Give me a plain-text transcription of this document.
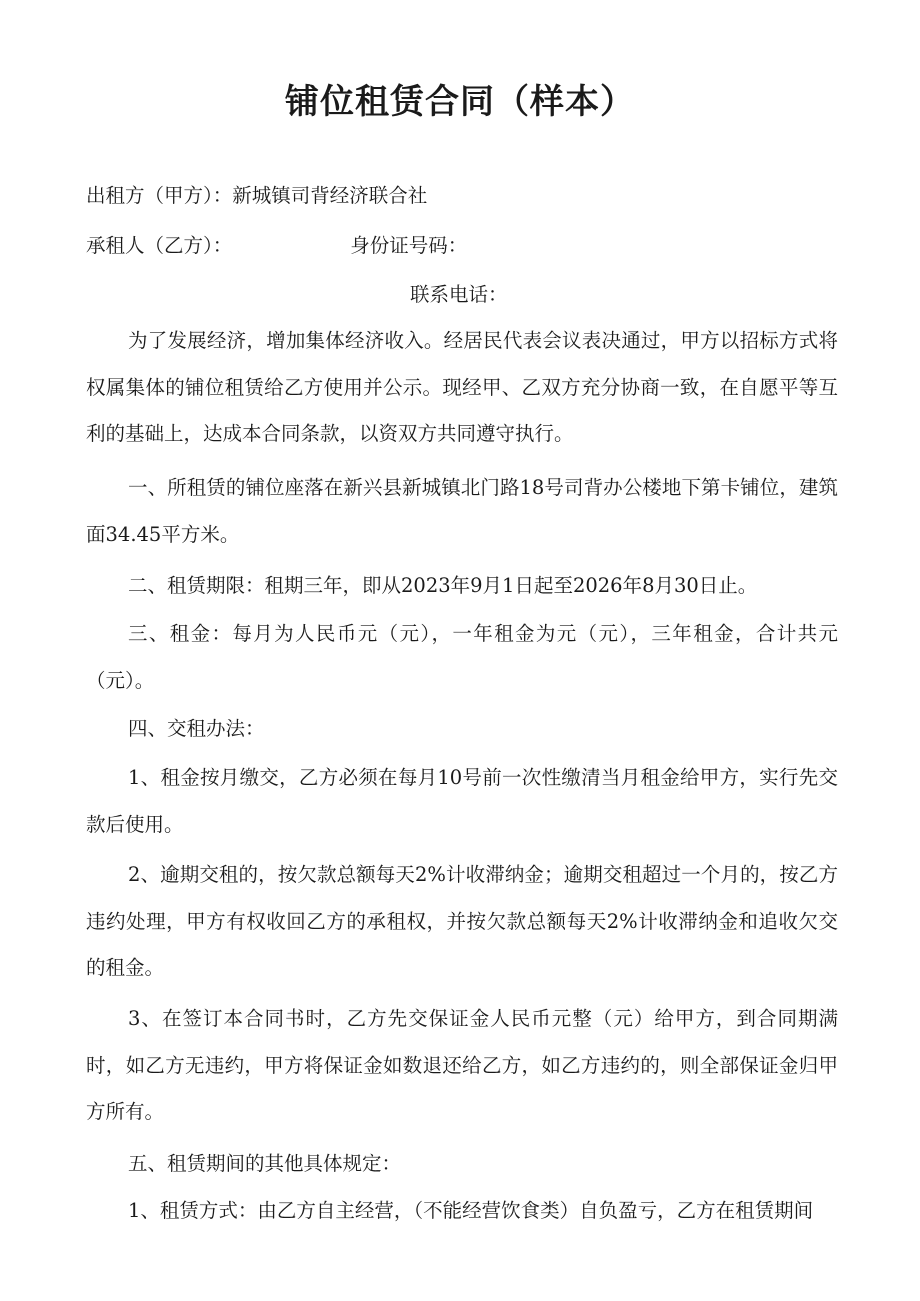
铺位租赁合同（样本）
出租方（甲方）：新城镇司背经济联合社
承租人（乙方）：	身份证号码：
联系电话：
为了发展经济，增加集体经济收入。经居民代表会议表决通过，甲方以招标方式将权属集体的铺位租赁给乙方使用并公示。现经甲、乙双方充分协商一致，在自愿平等互利的基础上，达成本合同条款，以资双方共同遵守执行。
一、所租赁的铺位座落在新兴县新城镇北门路18号司背办公楼地下第卡铺位，建筑面34.45平方米。
二、租赁期限：租期三年，即从2023年9月1日起至2026年8月30日止。
三、租金：每月为人民币元（元），一年租金为元（元），三年租金，合计共元（元）。
四、交租办法：
1、租金按月缴交，乙方必须在每月10号前一次性缴清当月租金给甲方，实行先交款后使用。
2、逾期交租的，按欠款总额每天2%计收滞纳金；逾期交租超过一个月的，按乙方违约处理，甲方有权收回乙方的承租权，并按欠款总额每天2%计收滞纳金和追收欠交的租金。
3、在签订本合同书时，乙方先交保证金人民币元整（元）给甲方，到合同期满时，如乙方无违约，甲方将保证金如数退还给乙方，如乙方违约的，则全部保证金归甲方所有。
五、租赁期间的其他具体规定：
1、租赁方式：由乙方自主经营，（不能经营饮食类）自负盈亏，乙方在租赁期间
